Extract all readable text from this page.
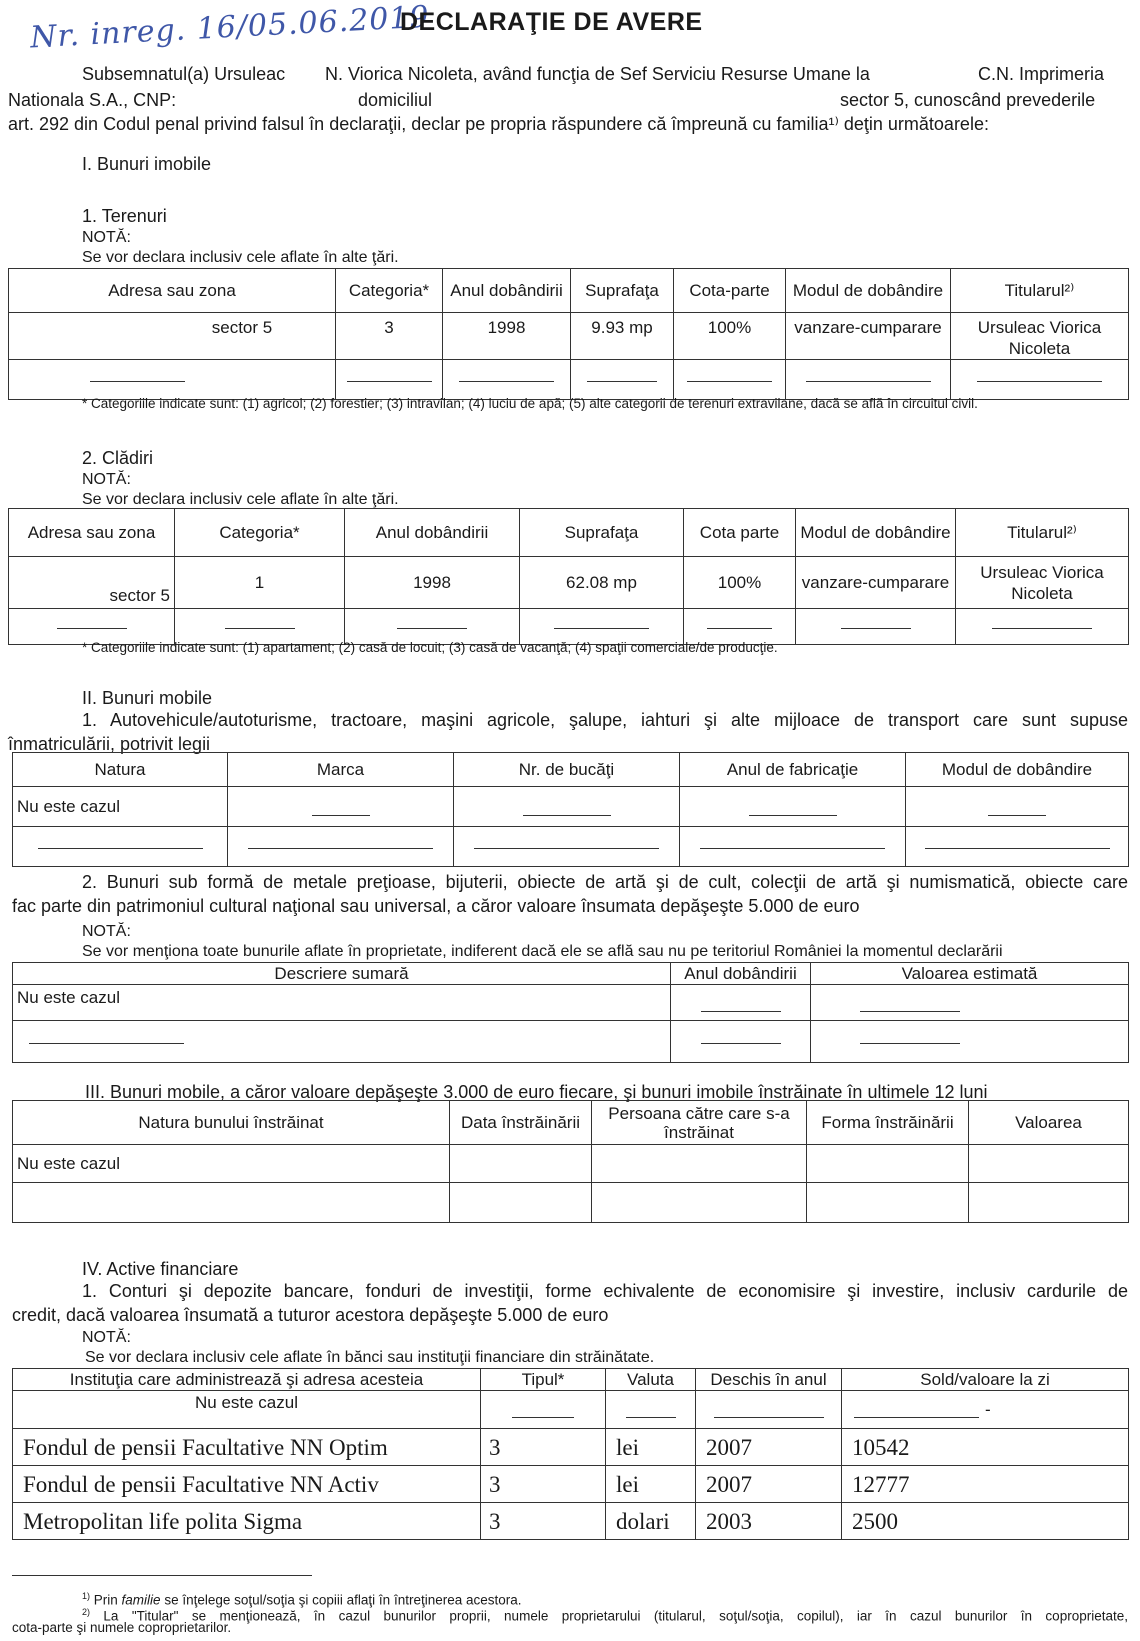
Nr. inreg. 16/05.06.2019
DECLARAŢIE DE AVERE
Subsemnatul(a) Ursuleac N. Viorica Nicoleta, având funcţia de Sef Serviciu Resurse Umane la	C.N. Imprimeria
Nationala S.A., CNP:	domiciliul	sector 5, cunoscând prevederile
art. 292 din Codul penal privind falsul în declaraţii, declar pe propria răspundere că împreună cu familia¹⁾ deţin următoarele:
I. Bunuri imobile
1. Terenuri
NOTĂ:
Se vor declara inclusiv cele aflate în alte ţări.
Adresa sau zona	Categoria*	Anul dobândirii	Suprafaţa	Cota-parte	Modul de dobândire	Titularul²⁾
sector 5	3	1998	9.93 mp	100%	vanzare-cumparare	Ursuleac Viorica Nicoleta

* Categoriile indicate sunt: (1) agricol; (2) forestier; (3) intravilan; (4) luciu de apă; (5) alte categorii de terenuri extravilane, dacă se află în circuitul civil.
2. Clădiri
NOTĂ:
Se vor declara inclusiv cele aflate în alte ţări.
Adresa sau zona	Categoria*	Anul dobândirii	Suprafaţa	Cota parte	Modul de dobândire	Titularul²⁾
sector 5	1	1998	62.08 mp	100%	vanzare-cumparare	Ursuleac Viorica Nicoleta

* Categoriile indicate sunt: (1) apartament; (2) casă de locuit; (3) casă de vacanţă; (4) spaţii comerciale/de producţie.
II. Bunuri mobile
1. Autovehicule/autoturisme, tractoare, maşini agricole, şalupe, iahturi şi alte mijloace de transport care sunt supuse
înmatriculării, potrivit legii
Natura	Marca	Nr. de bucăţi	Anul de fabricaţie	Modul de dobândire
Nu este cazul				

2. Bunuri sub formă de metale preţioase, bijuterii, obiecte de artă şi de cult, colecţii de artă şi numismatică, obiecte care
fac parte din patrimoniul cultural naţional sau universal, a căror valoare însumata depăşeşte 5.000 de euro
NOTĂ:
Se vor menţiona toate bunurile aflate în proprietate, indiferent dacă ele se află sau nu pe teritoriul României la momentul declarării
Descriere sumară	Anul dobândirii	Valoarea estimată
Nu este cazul		

III. Bunuri mobile, a căror valoare depăşeşte 3.000 de euro fiecare, şi bunuri imobile înstrăinate în ultimele 12 luni
Natura bunului înstrăinat	Data înstrăinării	Persoana către care s-a înstrăinat	Forma înstrăinării	Valoarea
Nu este cazul				

IV. Active financiare
1. Conturi şi depozite bancare, fonduri de investiţii, forme echivalente de economisire şi investire, inclusiv cardurile de
credit, dacă valoarea însumată a tuturor acestora depăşeşte 5.000 de euro
NOTĂ:
Se vor declara inclusiv cele aflate în bănci sau instituţii financiare din străinătate.
Instituţia care administrează şi adresa acesteia	Tipul*	Valuta	Deschis în anul	Sold/valoare la zi
Nu este cazul				-
Fondul de pensii Facultative NN Optim	3	lei	2007	10542
Fondul de pensii Facultative NN Activ	3	lei	2007	12777
Metropolitan life polita Sigma	3	dolari	2003	2500
$^{1)}$ Prin familie se înţelege soţul/soţia şi copiii aflaţi în întreţinerea acestora.
$^{2)}$ La "Titular" se menţionează, în cazul bunurilor proprii, numele proprietarului (titularul, soţul/soţia, copilul), iar în cazul bunurilor în coproprietate,
cota-parte şi numele coproprietarilor.
